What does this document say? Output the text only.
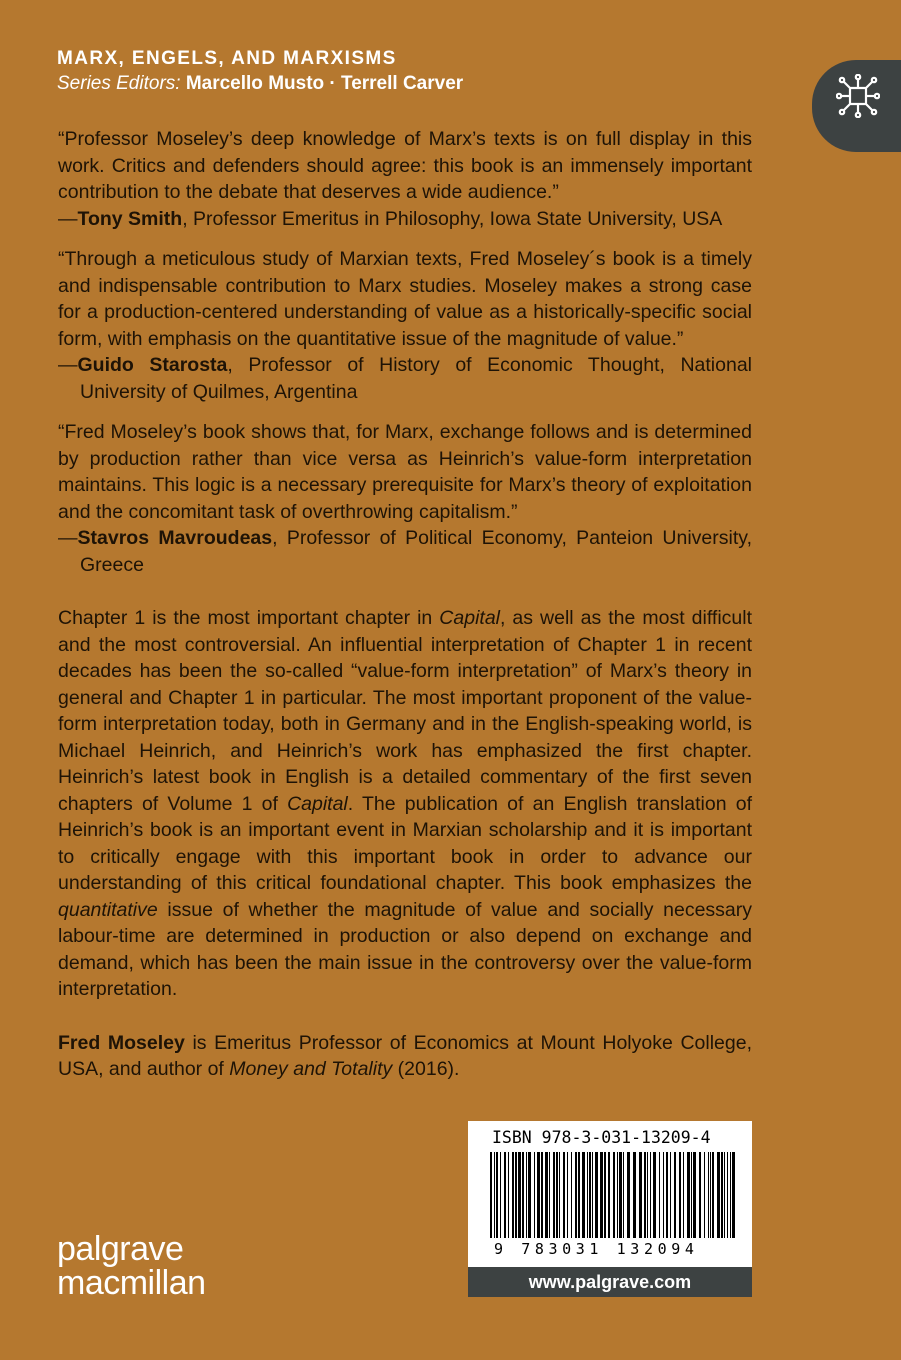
MARX, ENGELS, AND MARXISMS
Series Editors: Marcello Musto · Terrell Carver

“Professor Moseley’s deep knowledge of Marx’s texts is on full display in this work. Critics and defenders should agree: this book is an immensely important contribution to the debate that deserves a wide audience.”

—Tony Smith, Professor Emeritus in Philosophy, Iowa State University, USA

“Through a meticulous study of Marxian texts, Fred Moseley´s book is a timely and indispensable contribution to Marx studies. Moseley makes a strong case for a production-centered understanding of value as a historically-specific social form, with emphasis on the quantitative issue of the magnitude of value.”

—Guido Starosta, Professor of History of Economic Thought, National University of Quilmes, Argentina

“Fred Moseley’s book shows that, for Marx, exchange follows and is determined by production rather than vice versa as Heinrich’s value-form interpretation maintains. This logic is a necessary prerequisite for Marx’s theory of exploitation and the concomitant task of overthrowing capitalism.”

—Stavros Mavroudeas, Professor of Political Economy, Panteion University, Greece

Chapter 1 is the most important chapter in Capital, as well as the most difficult and the most controversial. An influential interpretation of Chapter 1 in recent decades has been the so-called “value-form interpretation” of Marx’s theory in general and Chapter 1 in particular. The most important proponent of the value-form interpretation today, both in Germany and in the English-speaking world, is Michael Heinrich, and Heinrich’s work has emphasized the first chapter. Heinrich’s latest book in English is a detailed commentary of the first seven chapters of Volume 1 of Capital. The publication of an English translation of Heinrich’s book is an important event in Marxian scholarship and it is important to critically engage with this important book in order to advance our understanding of this critical foundational chapter. This book emphasizes the quantitative issue of whether the magnitude of value and socially necessary labour-time are determined in production or also depend on exchange and demand, which has been the main issue in the controversy over the value-form interpretation.

Fred Moseley is Emeritus Professor of Economics at Mount Holyoke College, USA, and author of Money and Totality (2016).

ISBN 978-3-031-13209-4
9 783031 132094
www.palgrave.com
palgrave
macmillan
